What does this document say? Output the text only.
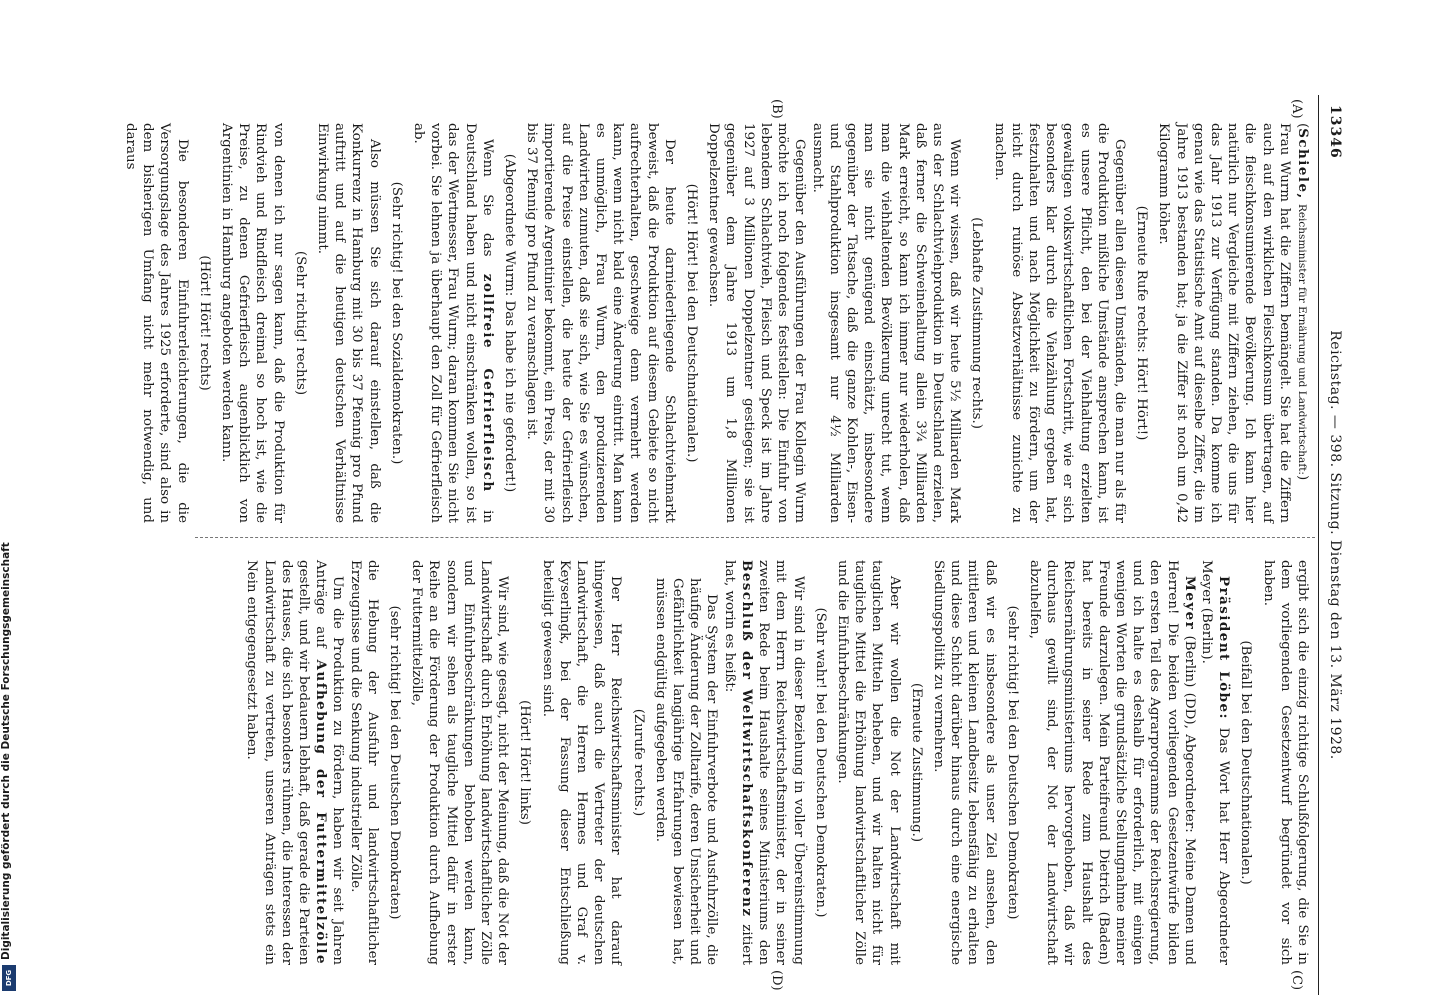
13346
Reichstag. — 398. Sitzung. Dienstag den 13. März 1928.
(A)
(B)
(C)
(D)

(Schiele, Reichsminister für Ernährung und Landwirtschaft:)

Frau Wurm hat die Ziffern bemängelt. Sie hat die Ziffern auch auf den wirklichen Fleischkonsum übertragen, auf die fleischkonsumierende Bevölkerung. Ich kann hier natürlich nur Vergleiche mit Ziffern ziehen, die uns für das Jahr 1913 zur Verfügung standen. Da komme ich genau wie das Statistische Amt auf dieselbe Ziffer, die im Jahre 1913 bestanden hat; ja die Ziffer ist noch um 0,42 Kilogramm höher.

(Erneute Rufe rechts: Hört! Hört!)

Gegenüber allen diesen Umständen, die man nur als für die Produktion mißliche Umstände ansprechen kann, ist es unsere Pflicht, den bei der Viehhaltung erzielten gewaltigen volkswirtschaftlichen Fortschritt, wie er sich besonders klar durch die Viehzählung ergeben hat, festzuhalten und nach Möglichkeit zu fördern, um der nicht durch ruinöse Absatzverhältnisse zunichte zu machen.

(Lebhafte Zustimmung rechts.)

Wenn wir wissen, daß wir heute 5½ Milliarden Mark aus der Schlachtviehproduktion in Deutschland erzielen, daß ferner die Schweinehaltung allein 3¾ Milliarden Mark erreicht, so kann ich immer nur wiederholen, daß man die viehhaltenden Bevölkerung unrecht tut, wenn man sie nicht genügend einschätzt, insbesondere gegenüber der Tatsache, daß die ganze Kohlen-, Eisen- und Stahlproduktion insgesamt nur 4½ Milliarden ausmacht.

Gegenüber den Ausführungen der Frau Kollegin Wurm möchte ich noch folgendes feststellen: Die Einfuhr von lebendem Schlachtvieh, Fleisch und Speck ist im Jahre 1927 auf 3 Millionen Doppelzentner gestiegen; sie ist gegenüber dem Jahre 1913 um 1,8 Millionen Doppelzentner gewachsen.

(Hört! Hört! bei den Deutschnationalen.)

Der heute darniederliegende Schlachtviehmarkt beweist, daß die Produktion auf diesem Gebiete so nicht aufrechterhalten, geschweige denn vermehrt werden kann, wenn nicht bald eine Änderung eintritt. Man kann es unmöglich, Frau Wurm, den produzierenden Landwirten zumuten, daß sie sich, wie Sie es wünschen, auf die Preise einstellen, die heute der Gefrierfleisch importierende Argentinier bekommt, ein Preis, der mit 30 bis 37 Pfennig pro Pfund zu veranschlagen ist.

(Abgeordnete Wurm: Das habe ich nie gefordert!)

Wenn Sie das zollfreie Gefrierfleisch in Deutschland haben und nicht einschränken wollen, so ist das der Wertmesser, Frau Wurm; daran kommen Sie nicht vorbei. Sie lehnen ja überhaupt den Zoll für Gefrierfleisch ab.

(Sehr richtig! bei den Sozialdemokraten.)

Also müssen Sie sich darauf einstellen, daß die Konkurrenz in Hamburg mit 30 bis 37 Pfennig pro Pfund auftritt und auf die heutigen deutschen Verhältnisse Einwirkung nimmt.

(Sehr richtig! rechts)

von denen ich nur sagen kann, daß die Produktion für Rindvieh und Rindfleisch dreimal so hoch ist, wie die Preise, zu denen Gefrierfleisch augenblicklich von Argentinien in Hamburg angeboten werden kann.

(Hört! Hört! rechts)

Die besonderen Einfuhrerleichterungen, die die Versorgungslage des Jahres 1925 erforderte, sind also in dem bisherigen Umfang nicht mehr notwendig, und daraus

ergibt sich die einzig richtige Schlußfolgerung, die Sie in dem vorliegenden Gesetzentwurf begründet vor sich haben.

(Beifall bei den Deutschnationalen.)

Präsident Löbe: Das Wort hat Herr Abgeordneter Meyer (Berlin).

Meyer (Berlin) (DD), Abgeordneter: Meine Damen und Herren! Die beiden vorliegenden Gesetzentwürfe bilden den ersten Teil des Agrarprogramms der Reichsregierung, und ich halte es deshalb für erforderlich, mit einigen wenigen Worten die grundsätzliche Stellungnahme meiner Freunde darzulegen. Mein Parteifreund Dietrich (Baden) hat bereits in seiner Rede zum Haushalt des Reichsernährungsministeriums hervorgehoben, daß wir durchaus gewillt sind, der Not der Landwirtschaft abzuhelfen,

(sehr richtig! bei den Deutschen Demokraten)

daß wir es insbesondere als unser Ziel ansehen, den mittleren und kleinen Landbesitz lebensfähig zu erhalten und diese Schicht darüber hinaus durch eine energische Siedlungspolitik zu vermehren.

(Erneute Zustimmung.)

Aber wir wollen die Not der Landwirtschaft mit tauglichen Mitteln beheben, und wir halten nicht für taugliche Mittel die Erhöhung landwirtschaftlicher Zölle und die Einfuhrbeschränkungen.

(Sehr wahr! bei den Deutschen Demokraten.)

Wir sind in dieser Beziehung in voller Übereinstimmung mit dem Herrn Reichswirtschaftsminister, der in seiner zweiten Rede beim Haushalte seines Ministeriums den Beschluß der Weltwirtschaftskonferenz zitiert hat, worin es heißt:

Das System der Einfuhrverbote und Ausfuhrzölle, die häufige Änderung der Zolltarife, deren Unsicherheit und Gefährlichkeit langjährige Erfahrungen bewiesen hat, müssen endgültig aufgegeben werden.

(Zurufe rechts.)

Der Herr Reichswirtschaftsminister hat darauf hingewiesen, daß auch die Vertreter der deutschen Landwirtschaft, die Herren Hermes und Graf v. Keyserlingk, bei der Fassung dieser Entschließung beteiligt gewesen sind.

(Hört! Hört! links)

Wir sind, wie gesagt, nicht der Meinung, daß die Not der Landwirtschaft durch Erhöhung landwirtschaftlicher Zölle und Einfuhrbeschränkungen behoben werden kann, sondern wir sehen als taugliche Mittel dafür in erster Reihe an die Förderung der Produktion durch Aufhebung der Futtermittelzölle,

(sehr richtig! bei den Deutschen Demokraten)

die Hebung der Ausfuhr und landwirtschaftlicher Erzeugnisse und die Senkung industrieller Zölle.

Um die Produktion zu fördern, haben wir seit Jahren Anträge auf Aufhebung der Futtermittelzölle gestellt, und wir bedauern lebhaft, daß gerade die Parteien des Hauses, die sich besonders rühmen, die Interessen der Landwirtschaft zu vertreten, unseren Anträgen stets ein Nein entgegengesetzt haben.

DFG
Digitalisierung gefördert durch die Deutsche Forschungsgemeinschaft
